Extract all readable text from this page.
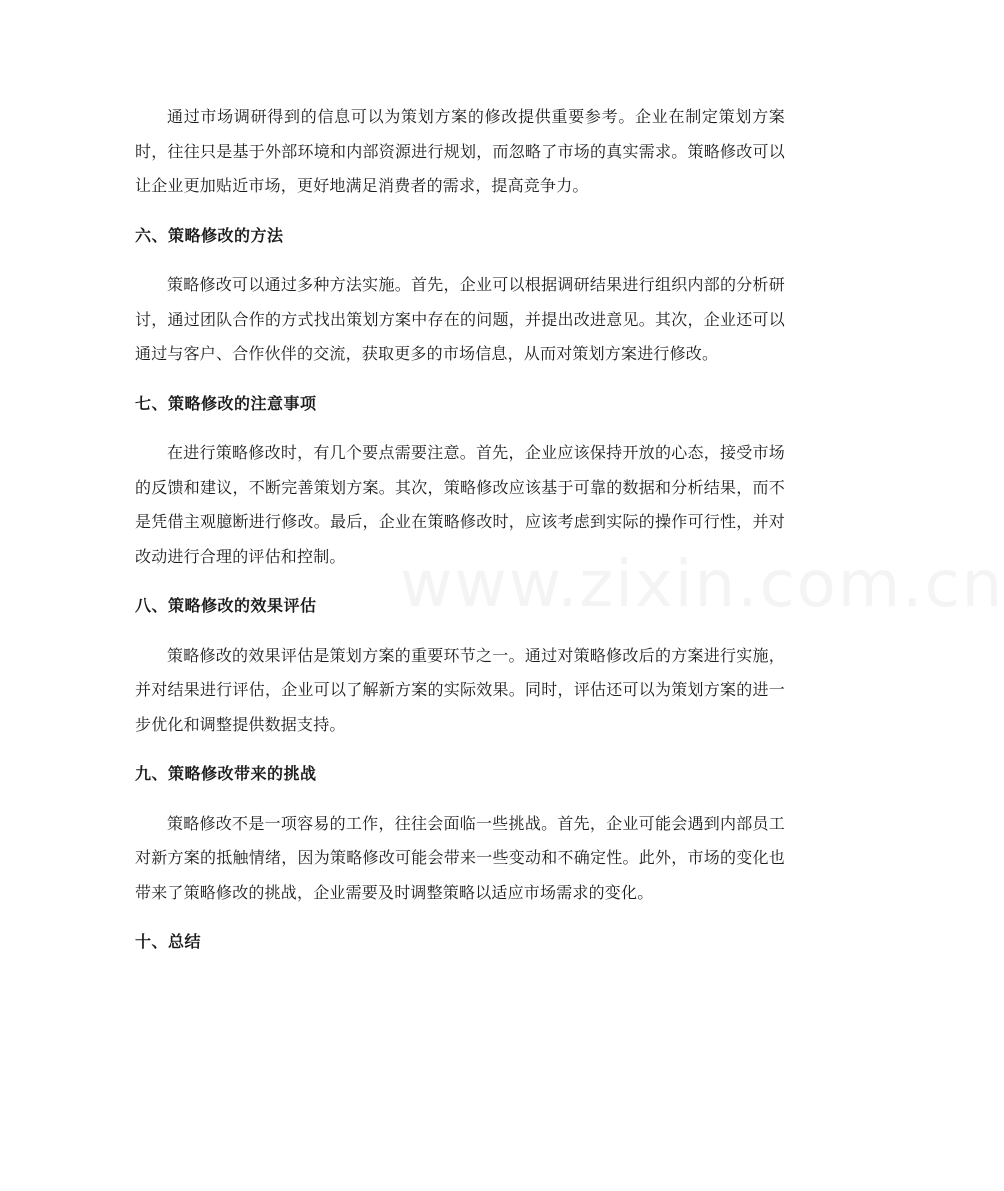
通过市场调研得到的信息可以为策划方案的修改提供重要参考。企业在制定策划方案时，往往只是基于外部环境和内部资源进行规划，而忽略了市场的真实需求。策略修改可以让企业更加贴近市场，更好地满足消费者的需求，提高竞争力。

六、策略修改的方法

策略修改可以通过多种方法实施。首先，企业可以根据调研结果进行组织内部的分析研讨，通过团队合作的方式找出策划方案中存在的问题，并提出改进意见。其次，企业还可以通过与客户、合作伙伴的交流，获取更多的市场信息，从而对策划方案进行修改。

七、策略修改的注意事项

在进行策略修改时，有几个要点需要注意。首先，企业应该保持开放的心态，接受市场的反馈和建议，不断完善策划方案。其次，策略修改应该基于可靠的数据和分析结果，而不是凭借主观臆断进行修改。最后，企业在策略修改时，应该考虑到实际的操作可行性，并对改动进行合理的评估和控制。

八、策略修改的效果评估

策略修改的效果评估是策划方案的重要环节之一。通过对策略修改后的方案进行实施，并对结果进行评估，企业可以了解新方案的实际效果。同时，评估还可以为策划方案的进一步优化和调整提供数据支持。

九、策略修改带来的挑战

策略修改不是一项容易的工作，往往会面临一些挑战。首先，企业可能会遇到内部员工对新方案的抵触情绪，因为策略修改可能会带来一些变动和不确定性。此外，市场的变化也带来了策略修改的挑战，企业需要及时调整策略以适应市场需求的变化。

十、总结
www.zixin.com.cn
